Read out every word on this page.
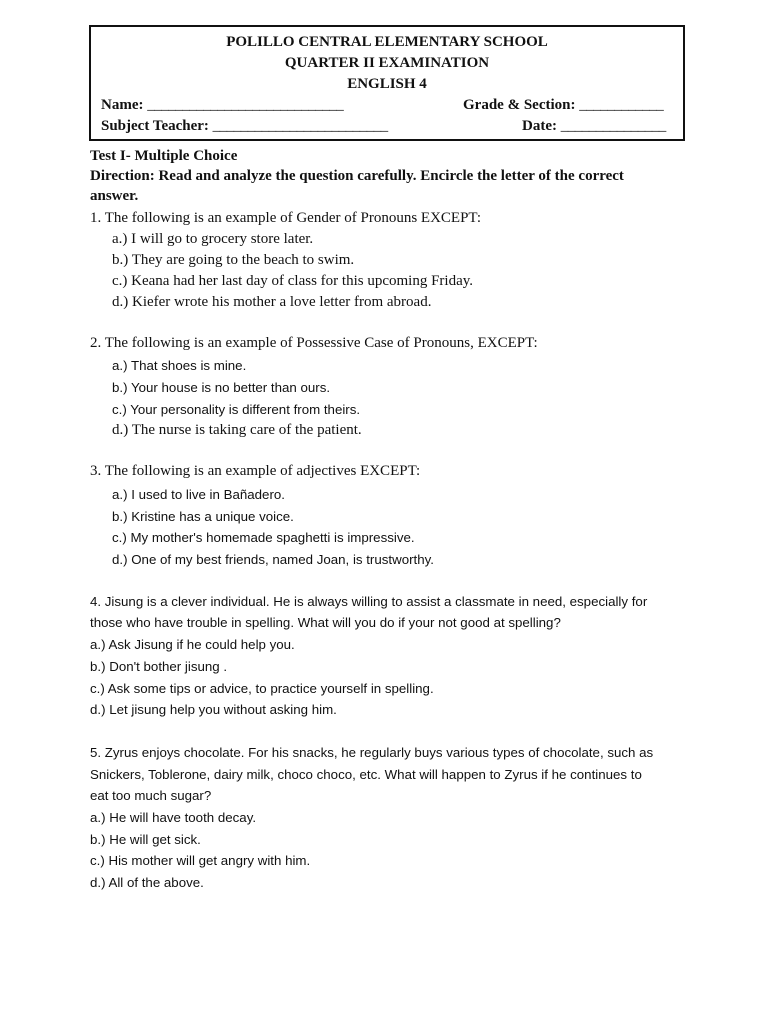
POLILLO CENTRAL ELEMENTARY SCHOOL
QUARTER II EXAMINATION
ENGLISH 4
Name: ____________________________	Grade & Section: ____________
Subject Teacher: _________________________	Date: _______________
Test I- Multiple Choice
Direction: Read and analyze the question carefully. Encircle the letter of the correct
answer.
1. The following is an example of Gender of Pronouns EXCEPT:
a.) I will go to grocery store later.
b.) They are going to the beach to swim.
c.) Keana had her last day of class for this upcoming Friday.
d.) Kiefer wrote his mother a love letter from abroad.
2. The following is an example of Possessive Case of Pronouns, EXCEPT:
a.) That shoes is mine.
b.) Your house is no better than ours.
c.) Your personality is different from theirs.
d.) The nurse is taking care of the patient.
3. The following is an example of adjectives EXCEPT:
a.) I used to live in Bañadero.
b.) Kristine has a unique voice.
c.) My mother's homemade spaghetti is impressive.
d.) One of my best friends, named Joan, is trustworthy.
4. Jisung is a clever individual. He is always willing to assist a classmate in need, especially for
those who have trouble in spelling. What will you do if your not good at spelling?
a.) Ask Jisung if he could help you.
b.) Don't bother jisung .
c.) Ask some tips or advice, to practice yourself in spelling.
d.) Let jisung help you without asking him.
5. Zyrus enjoys chocolate. For his snacks, he regularly buys various types of chocolate, such as
Snickers, Toblerone, dairy milk, choco choco, etc. What will happen to Zyrus if he continues to
eat too much sugar?
a.) He will have tooth decay.
b.) He will get sick.
c.) His mother will get angry with him.
d.) All of the above.
